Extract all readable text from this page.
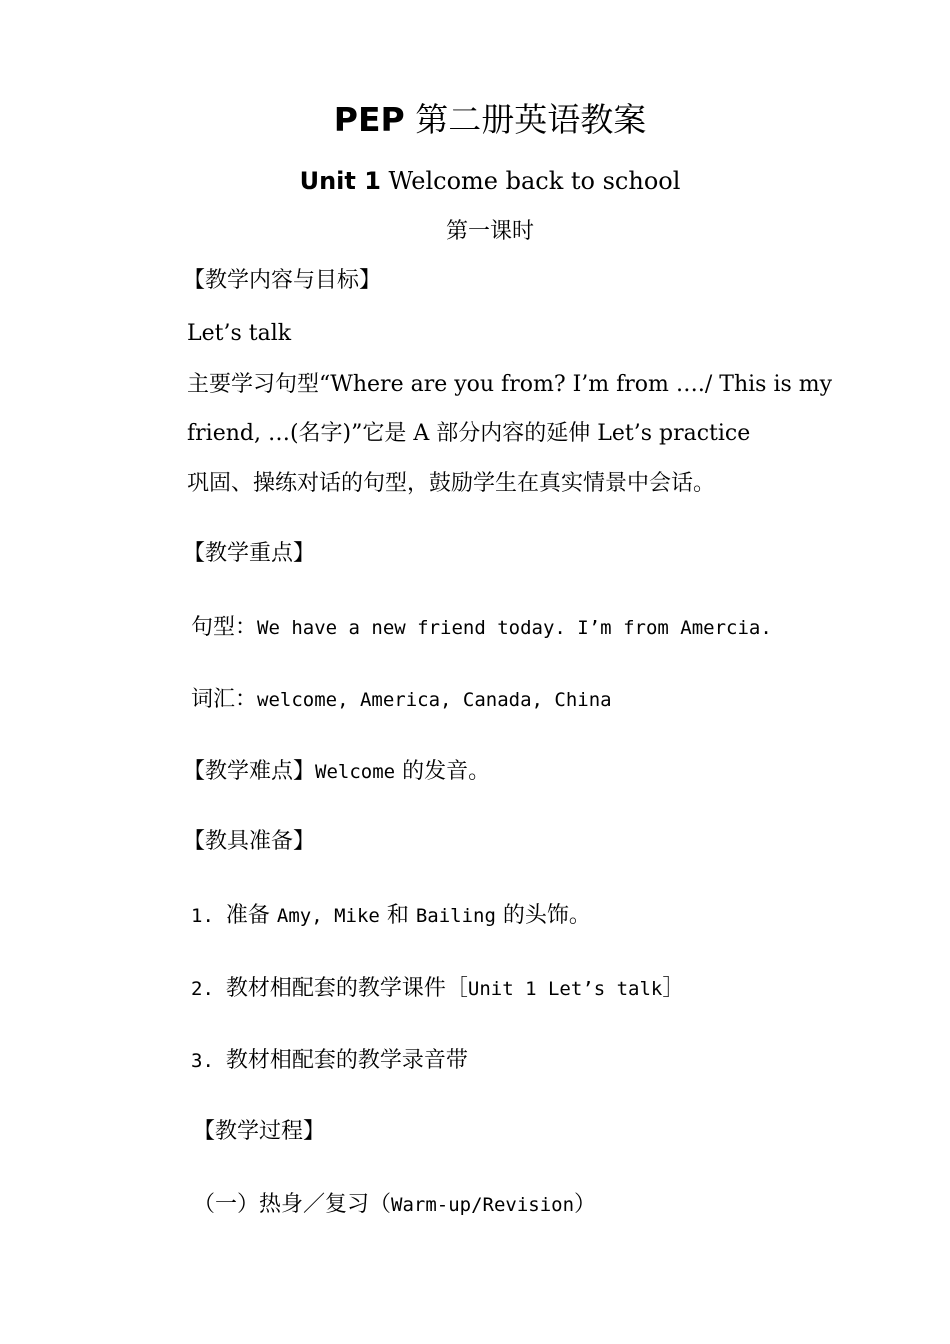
PEP 第二册英语教案
Unit 1 Welcome back to school
第一课时
【教学内容与目标】
Let’s talk
主要学习句型“Where are you from? I’m from …./ This is my
friend, …(名字)”它是 A 部分内容的延伸 Let’s practice
巩固、操练对话的句型，鼓励学生在真实情景中会话。
【教学重点】
句型：We have a new friend today. I’m from Amercia.
词汇：welcome, America, Canada, China
【教学难点】Welcome 的发音。
【教具准备】
1. 准备 Amy, Mike 和 Bailing 的头饰。
2. 教材相配套的教学课件［Unit 1 Let’s talk］
3. 教材相配套的教学录音带
【教学过程】
（一）热身／复习（Warm-up/Revision）
